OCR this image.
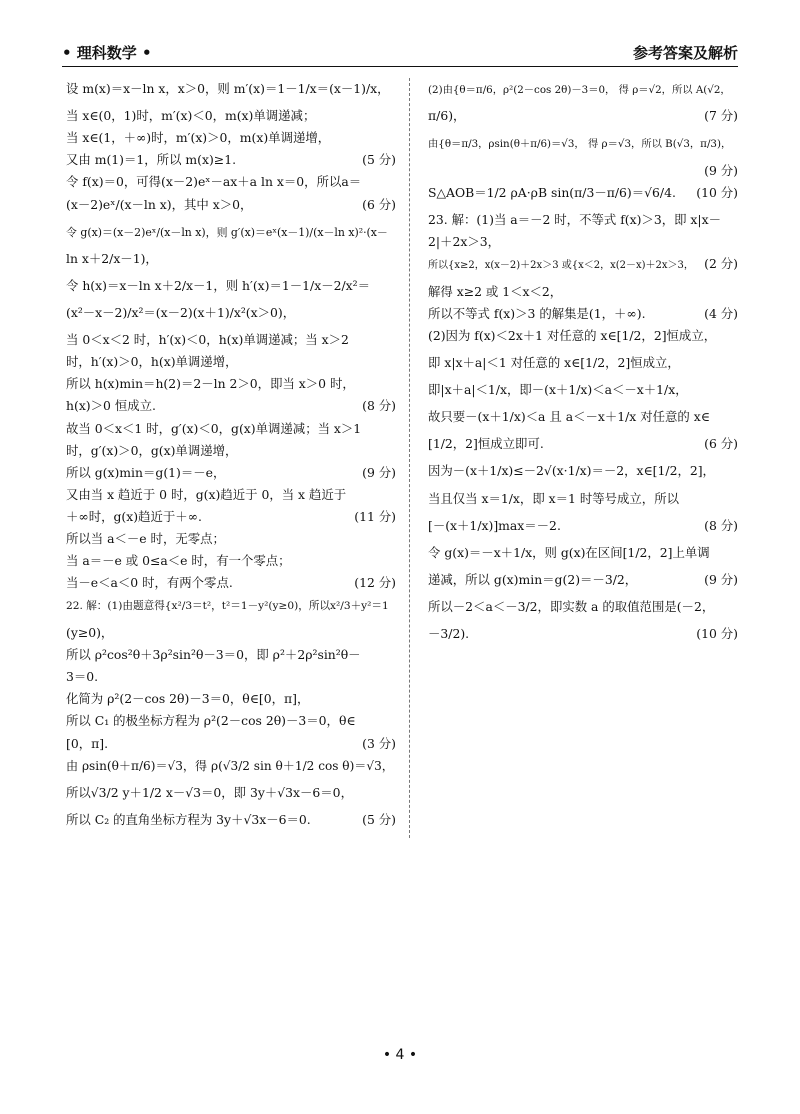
• 理科数学 •	参考答案及解析
设 m(x)＝x－ln x，x＞0，则 m′(x)＝1－1/x＝(x－1)/x，
当 x∈(0，1)时，m′(x)＜0，m(x)单调递减；
当 x∈(1，＋∞)时，m′(x)＞0，m(x)单调递增，
又由 m(1)＝1，所以 m(x)≥1.	(5 分)
令 f(x)＝0，可得(x－2)eˣ－ax＋a ln x＝0，所以a＝
(x－2)eˣ/(x－ln x)，其中 x＞0，	(6 分)
令 g(x)＝(x－2)eˣ/(x－ln x)，则 g′(x)＝eˣ(x－1)/(x－ln x)²·(x－
ln x＋2/x－1)，
令 h(x)＝x－ln x＋2/x－1，则 h′(x)＝1－1/x－2/x²＝
(x²－x－2)/x²＝(x－2)(x＋1)/x²(x＞0)，
当 0＜x＜2 时，h′(x)＜0，h(x)单调递减；当 x＞2
时，h′(x)＞0，h(x)单调递增，
所以 h(x)min＝h(2)＝2－ln 2＞0，即当 x＞0 时，
h(x)＞0 恒成立.	(8 分)
故当 0＜x＜1 时，g′(x)＜0，g(x)单调递减；当 x＞1
时，g′(x)＞0，g(x)单调递增，
所以 g(x)min＝g(1)＝－e，	(9 分)
又由当 x 趋近于 0 时，g(x)趋近于 0，当 x 趋近于
＋∞时，g(x)趋近于＋∞.	(11 分)
所以当 a＜－e 时，无零点；
当 a＝－e 或 0≤a＜e 时，有一个零点；
当－e＜a＜0 时，有两个零点.	(12 分)
22. 解：(1)由题意得{x²/3＝t²，t²＝1－y²(y≥0)，所以x²/3＋y²＝1
(y≥0)，
所以 ρ²cos²θ＋3ρ²sin²θ－3＝0，即 ρ²＋2ρ²sin²θ－
3＝0.
化简为 ρ²(2－cos 2θ)－3＝0，θ∈[0，π]，
所以 C₁ 的极坐标方程为 ρ²(2－cos 2θ)－3＝0，θ∈
[0，π].	(3 分)
由 ρsin(θ＋π/6)＝√3，得 ρ(√3/2 sin θ＋1/2 cos θ)＝√3，
所以√3/2 y＋1/2 x－√3＝0，即 3y＋√3x－6＝0，
所以 C₂ 的直角坐标方程为 3y＋√3x－6＝0.	(5 分)
(2)由{θ＝π/6，ρ²(2－cos 2θ)－3＝0， 得 ρ＝√2，所以 A(√2，
π/6)，	(7 分)
由{θ＝π/3，ρsin(θ＋π/6)＝√3， 得 ρ＝√3，所以 B(√3，π/3)，
(9 分)
S△AOB＝1/2 ρA·ρB sin(π/3－π/6)＝√6/4. (10 分)
23. 解：(1)当 a＝－2 时，不等式 f(x)＞3，即 x|x－
2|＋2x＞3，
所以{x≥2，x(x－2)＋2x＞3 或{x＜2，x(2－x)＋2x＞3， (2 分)
解得 x≥2 或 1＜x＜2，
所以不等式 f(x)＞3 的解集是(1，＋∞).	(4 分)
(2)因为 f(x)＜2x＋1 对任意的 x∈[1/2，2]恒成立，
即 x|x＋a|＜1 对任意的 x∈[1/2，2]恒成立，
即|x＋a|＜1/x，即－(x＋1/x)＜a＜－x＋1/x，
故只要－(x＋1/x)＜a 且 a＜－x＋1/x 对任意的 x∈
[1/2，2]恒成立即可.	(6 分)
因为－(x＋1/x)≤－2√(x·1/x)＝－2，x∈[1/2，2]，
当且仅当 x＝1/x，即 x＝1 时等号成立，所以
[－(x＋1/x)]max＝－2.	(8 分)
令 g(x)＝－x＋1/x，则 g(x)在区间[1/2，2]上单调
递减，所以 g(x)min＝g(2)＝－3/2，	(9 分)
所以－2＜a＜－3/2，即实数 a 的取值范围是(－2，
－3/2).	(10 分)
• 4 •
